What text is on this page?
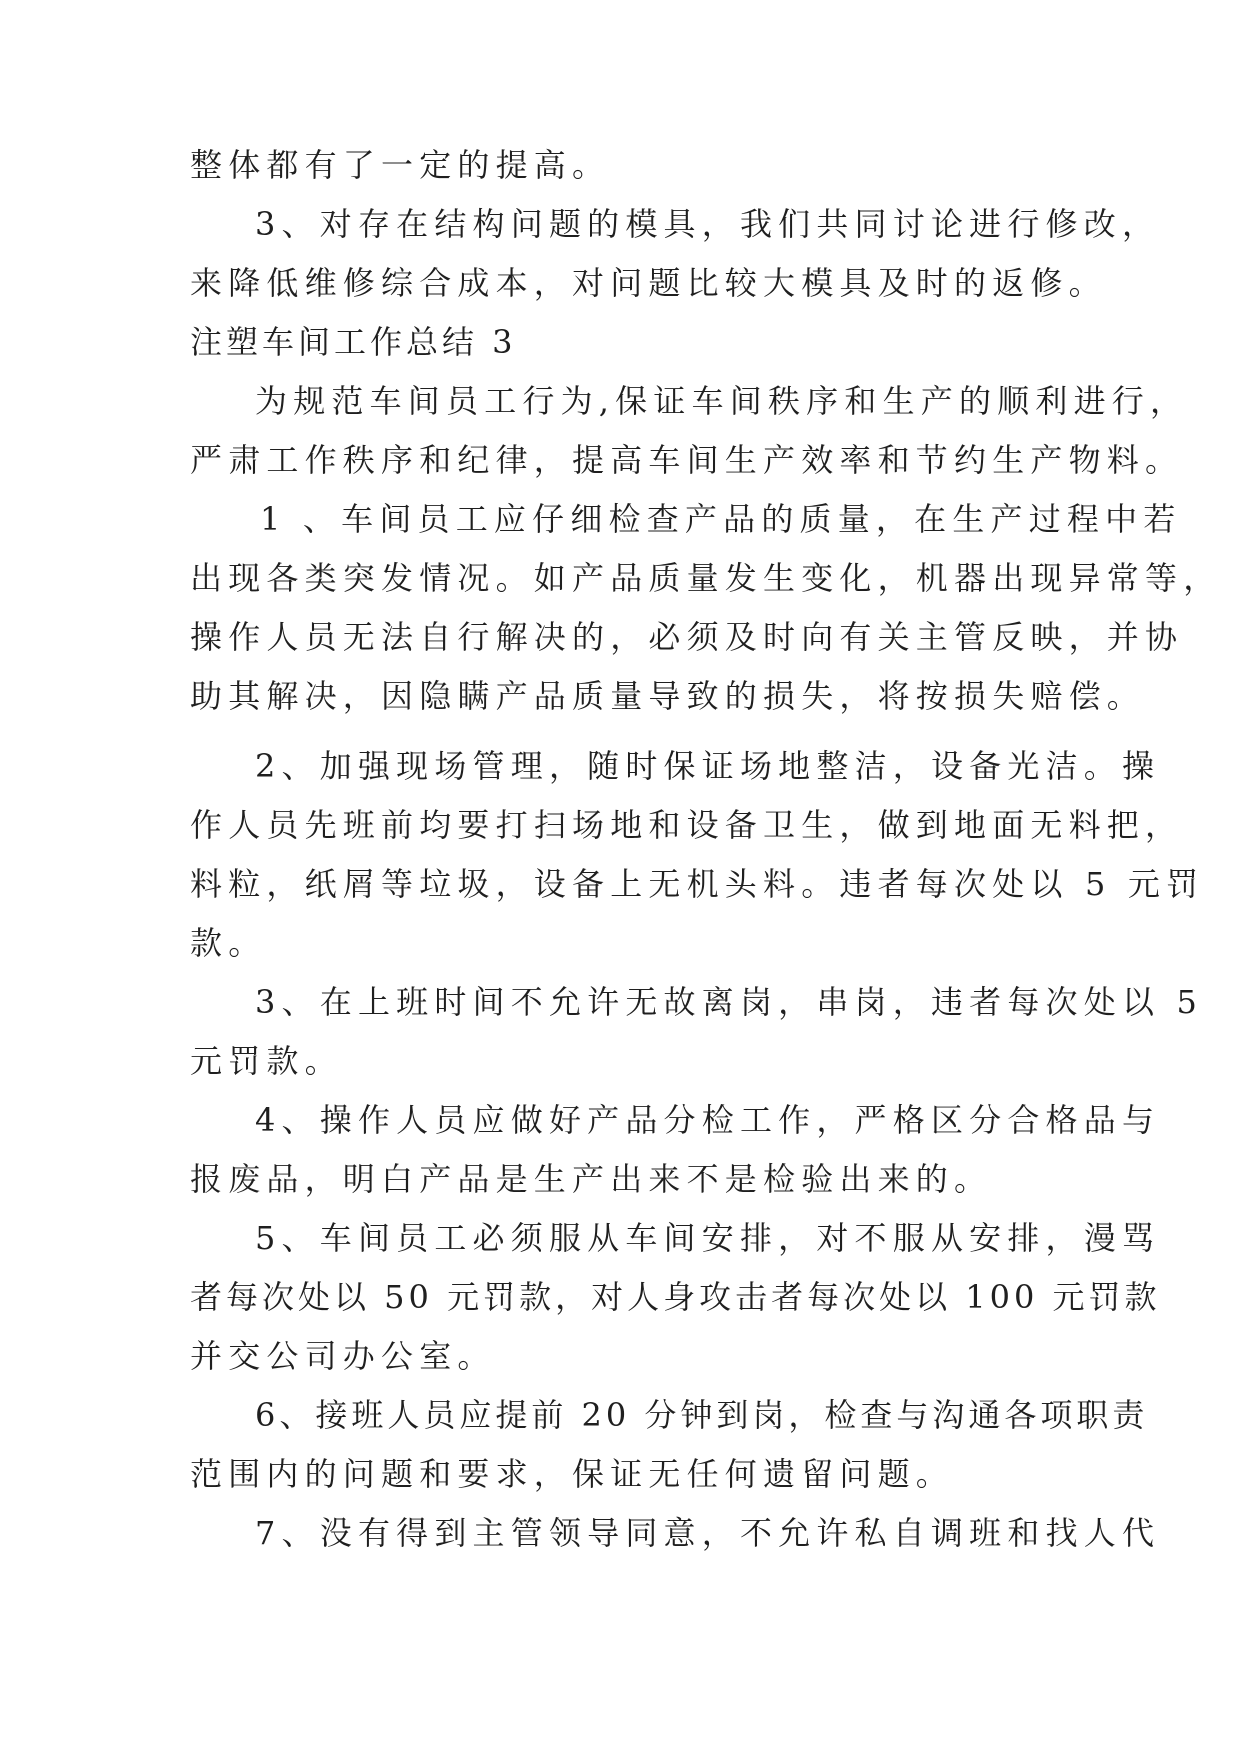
整体都有了一定的提高。
3、对存在结构问题的模具，我们共同讨论进行修改，
来降低维修综合成本，对问题比较大模具及时的返修。
注塑车间工作总结 3
为规范车间员工行为,保证车间秩序和生产的顺利进行，
严肃工作秩序和纪律，提高车间生产效率和节约生产物料。
1 、车间员工应仔细检查产品的质量，在生产过程中若
出现各类突发情况。如产品质量发生变化，机器出现异常等，
操作人员无法自行解决的，必须及时向有关主管反映，并协
助其解决，因隐瞒产品质量导致的损失，将按损失赔偿。
2、加强现场管理，随时保证场地整洁，设备光洁。操
作人员先班前均要打扫场地和设备卫生，做到地面无料把，
料粒，纸屑等垃圾，设备上无机头料。违者每次处以 5 元罚
款。
3、在上班时间不允许无故离岗，串岗，违者每次处以 5
元罚款。
4、操作人员应做好产品分检工作，严格区分合格品与
报废品，明白产品是生产出来不是检验出来的。
5、车间员工必须服从车间安排，对不服从安排，漫骂
者每次处以 50 元罚款，对人身攻击者每次处以 100 元罚款
并交公司办公室。
6、接班人员应提前 20 分钟到岗，检查与沟通各项职责
范围内的问题和要求，保证无任何遗留问题。
7、没有得到主管领导同意，不允许私自调班和找人代
